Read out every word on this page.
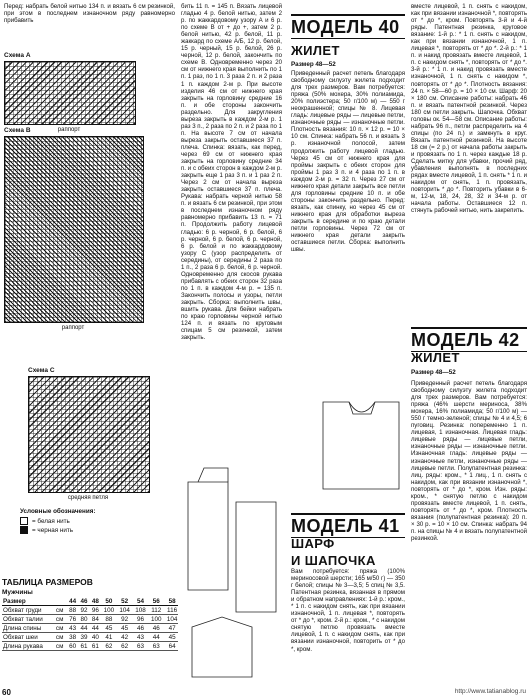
Перед: набрать белой нитью 134 п. и вязать 6 см резинкой, при этом в последнем изнаночном ряду равномерно прибавить

Схема А

раппорт

Схема В

раппорт

Схема С

средняя петля

Условные обозначения:
= белая нить
= черная нить
ТАБЛИЦА РАЗМЕРОВ
Мужчины
Размер		44	46	48	50	52	54	56	58
Обхват груди	см	88	92	96	100	104	108	112	116
Обхват талии	см	76	80	84	88	92	96	100	104
Длина спины	см	43	44	44	45	45	46	46	47
Обхват шеи	см	38	39	40	41	42	43	44	45
Длина рукава	см	60	61	61	62	62	63	63	64

бить 11 п. = 145 п. Вязать лицевой гладью 4 р. белой нитью, затем 2 р. по жаккардовому узору А и 6 р. по схеме В от + до +, затем 2 р. белой нитью, 42 р. белой, 11 р. жаккард по схеме А/Б, 12 р. белой, 15 р. черный, 15 р. белой, 26 р. черной, 12 р. белой, закончить по схеме В. Одновременно через 20 см от нижнего края выполнить по 1 п. 1 раз, по 1 п. 3 раза 2 п. и 2 раза 1 п. каждом 2-м р. При высоте изделия 46 см от нижнего края закрыть на горловину средние 16 п. и обе стороны закончить раздельно. Для закругления выреза закрыть в каждом 2-м р. 1 раз 3 п., 2 раза по 2 п. и 2 раза по 1 п. На высоте 7 см от начала выреза закрыть оставшиеся 37 п. плеча. Спинка: вязать, как перед, через 69 см от нижнего края закрыть на горловину средние 34 п. и с обеих сторон в каждом 2-м р. закрыть еще 1 раз 3 п. и 1 раз 2 п. Через 2 см от начала выреза закрыть оставшиеся 37 п. плеча. Рукава: набрать черной нитью 58 п. и вязать 6 см резинкой, при этом в последнем изнаночном ряду равномерно прибавить 13 п. = 71 п. Продолжить работу лицевой гладью: 6 р. черной, 6 р. белой, 6 р. черной, 6 р. белой, 6 р. черной, 6 р. белой и по жаккардовому узору С (узор распределить от середины), от середины 2 раза по 1 п., 2 раза 6 р. белой, 6 р. черной. Одновременно для скосов рукава прибавлять с обеих сторон 32 раза по 1 п. в каждом 4-м р. = 135 п. Закончить полосы и узоры, петли закрыть. Сборка: выполнить швы, вшить рукава. Для бейки набрать по краю горловины черной нитью 124 п. и вязать по круговым спицам 5 см резинкой, затем закрыть.

МОДЕЛЬ 40
ЖИЛЕТ
Размер 48—52

Приведенный расчет петель благодаря свободному силуэту жилета подходит для трех размеров. Вам потребуется: пряжа (50% мохера, 30% полиамида, 20% полиэстера; 50 г/100 м) — 550 г неокрашенной; спицы № 8. Лицевая гладь: лицевые ряды — лицевые петли, изнаночные ряды — изнаночные петли. Плотность вязания: 10 п. × 12 р. = 10 × 10 см. Спинка: набрать 56 п. и вязать 3 р. изнаночной полосой, затем продолжить работу лицевой гладью. Через 45 см от нижнего края для проймы закрыть с обеих сторон для проймы 1 раз 3 п. и 4 раза по 1 п. в каждом 2-м р. = 32 п. Через 27 см от нижнего края детали закрыть все петли для горловины средние 10 п. и обе стороны закончить раздельно. Перед: вязать, как спинку, но через 45 см от нижнего края для обработки выреза закрыть в середине и по краю детали петли горловины. Через 72 см от нижнего края детали закрыть оставшиеся петли. Сборка: выполнить швы.

МОДЕЛЬ 41
ШАРФ
И ШАПОЧКА

Вам потребуется: пряжа (100% мериносовой шерсти; 165 м/50 г) — 350 г белой; спицы № 3—3,5; 5 спиц № 3,5. Патентная резинка, вязанная в прямом и обратном направлениях: 1-й р.: кром., * 1 п. с накидом снять, как при вязании изнаночной, 1 п. лицевая *, повторять от * до *, кром. 2-й р.: кром., * с накидом снятую петлю провязать вместе лицевой, 1 п. с накидом снять, как при вязании изнаночной, повторить от * до *, кром.

вместе лицевой, 1 п. снять с накидом, как при вязании изнаночной *, повторять от * до *, кром. Повторять 3-й и 4-й ряды. Патентная резинка, круговое вязание: 1-й р.: * 1 п. снять с накидом, как при вязании изнаночной, 1 п. лицевая *, повторять от * до *. 2-й р.: * 1 п. и накид провязать вместе лицевой, 1 п. с накидом снять *, повторять от * до *. 3-й р.: * 1 п. и накид провязать вместе изнаночной, 1 п. снять с накидом *, повторять от * до *. Плотность вязания: 24 п. × 58—60 р. = 10 × 10 см. Шарф: 20 × 180 см. Описание работы: набрать 46 п. и вязать патентной резинкой. Через 180 см петли закрыть. Шапочка. Обхват головы ок. 54—58 см. Описание работы: набрать 96 п., петли распределить на 4 спицы (по 24 п.) и замкнуть в круг. Вязать патентной резинкой. На высоте 18 см (= 2 р.) от начала работы закрыть и провязать по 1 п. через каждые 18 р. Сделать митку для убавки, прочий ряд, убавления выполнять в последних рядах вместе лицевой, 1 п. снять * 1 п. и накидом от снять, 1 п. провязать, повторить * до *. Повторить убавки в 6-м, 12-м, 18, 24, 28, 32 и 34-м р. от начала работы. Оставшиеся 12 п. стянуть рабочей нитью, нить закрепить.

МОДЕЛЬ 42
ЖИЛЕТ
Размер 48—52

Приведенный расчет петель благодаря свободному силуэту жилета подходит для трех размеров. Вам потребуется: пряжа (46% шерсти мериноса, 38% мохера, 16% полиамида; 50 г/100 м) — 550 г темно-зеленой; спицы № 4 и 4,5; 6 пуговиц. Резинка: попеременно 1 п. лицевая, 1 изнаночная. Лицевая гладь: лицевые ряды — лицевые петли, изнаночные ряды — изнаночные петли. Изнаночная гладь: лицевые ряды — изнаночные петли, изнаночные ряды — лицевые петли. Полупатентная резинка: лиц. ряды: кром., * 1 лиц., 1 п. снять с накидом, как при вязании изнаночной *, повторять от * до *, кром. Изн. ряды: кром., * снятую петлю с накидом провязать вместе лицевой, 1 п. снять, повторять от * до *, кром. Плотность вязания (полупатентная резинка): 20 п. × 30 р. = 10 × 10 см. Спинка: набрать 94 п. на спицы № 4 и вязать полупатентной резинкой.

60	http://www.tatianablog.ru
